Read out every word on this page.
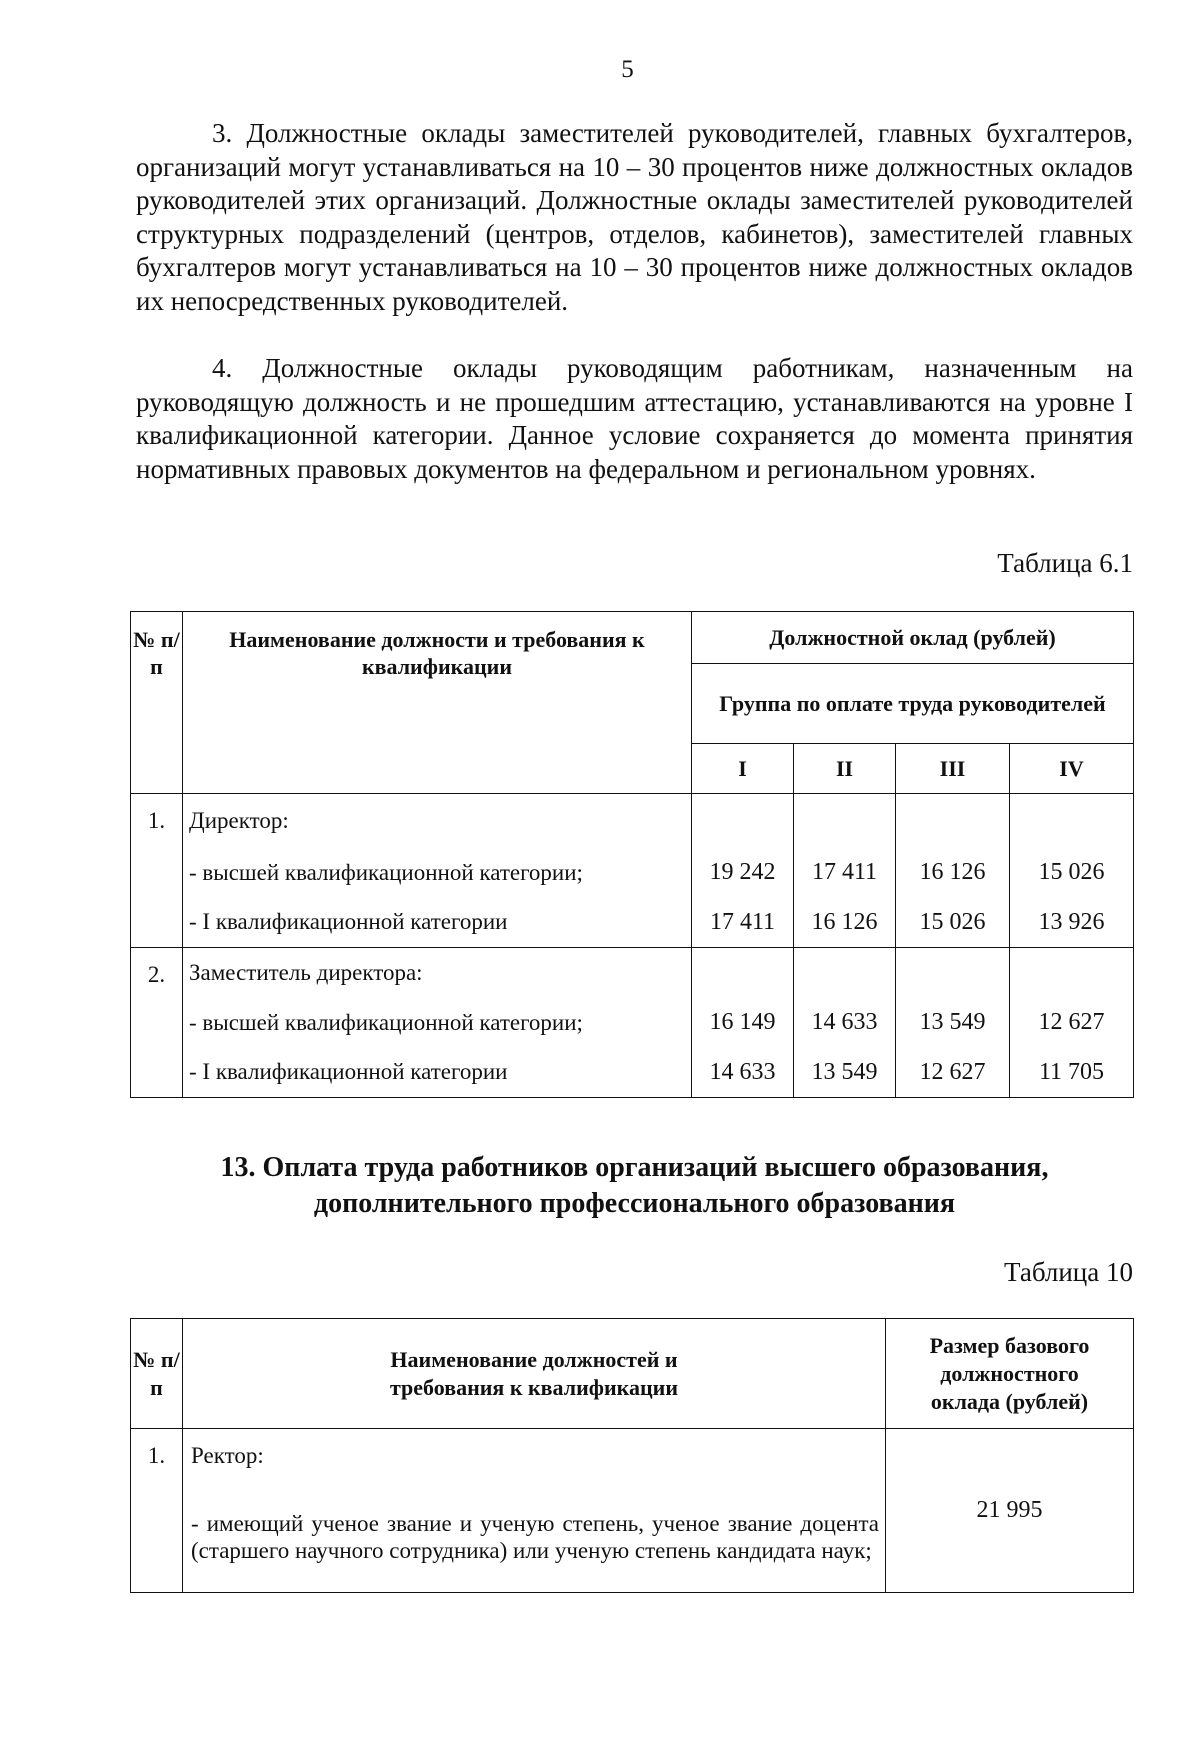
5

3. Должностные оклады заместителей руководителей, главных бухгалтеров, организаций могут устанавливаться на 10 – 30 процентов ниже должностных окладов руководителей этих организаций. Должностные оклады заместителей руководителей структурных подразделений (центров, отделов, кабинетов), заместителей главных бухгалтеров могут устанавливаться на 10 – 30 процентов ниже должностных окладов их непосредственных руководителей.

4. Должностные оклады руководящим работникам, назначенным на руководящую должность и не прошедшим аттестацию, устанавливаются на уровне I квалификационной категории. Данное условие сохраняется до момента принятия нормативных правовых документов на федеральном и региональном уровнях.

Таблица 6.1
№ п/п	Наименование должности и требования к квалификации	Должностной оклад (рублей)			
		Группа по оплате труда руководителей			
		I	II	III	IV
1.	Директор:				
	- высшей квалификационной категории;	19 242	17 411	16 126	15 026
	- I квалификационной категории	17 411	16 126	15 026	13 926
2.	Заместитель директора:				
	- высшей квалификационной категории;	16 149	14 633	13 549	12 627
	- I квалификационной категории	14 633	13 549	12 627	11 705
13. Оплата труда работников организаций высшего образования, дополнительного профессионального образования
Таблица 10
№ п/п	Наименование должностей и требования к квалификации	Размер базового должностного оклада (рублей)
1.	Ректор:	21 995
	- имеющий ученое звание и ученую степень, ученое звание доцента (старшего научного сотрудника) или ученую степень кандидата наук;	
